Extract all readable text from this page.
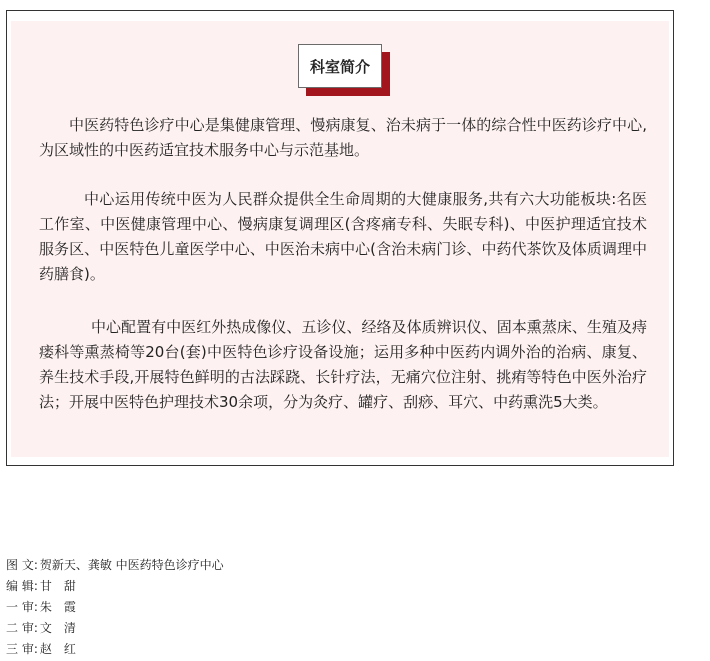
科室简介

中医药特色诊疗中心是集健康管理、慢病康复、治未病于一体的综合性中医药诊疗中心,为区域性的中医药适宜技术服务中心与示范基地。

中心运用传统中医为人民群众提供全生命周期的大健康服务,共有六大功能板块:名医工作室、中医健康管理中心、慢病康复调理区(含疼痛专科、失眠专科)、中医护理适宜技术服务区、中医特色儿童医学中心、中医治未病中心(含治未病门诊、中药代茶饮及体质调理中药膳食)。

中心配置有中医红外热成像仪、五诊仪、经络及体质辨识仪、固本熏蒸床、生殖及痔瘘科等熏蒸椅等20台(套)中医特色诊疗设备设施；运用多种中医药内调外治的治病、康复、养生技术手段,开展特色鲜明的古法踩跷、长针疗法，无痛穴位注射、挑痏等特色中医外治疗法；开展中医特色护理技术30余项，分为灸疗、罐疗、刮痧、耳穴、中药熏洗5大类。

图 文: 贺新天、龚敏 中医药特色诊疗中心
编 辑: 甘　甜
一 审: 朱　霞
二 审: 文　清
三 审: 赵　红
